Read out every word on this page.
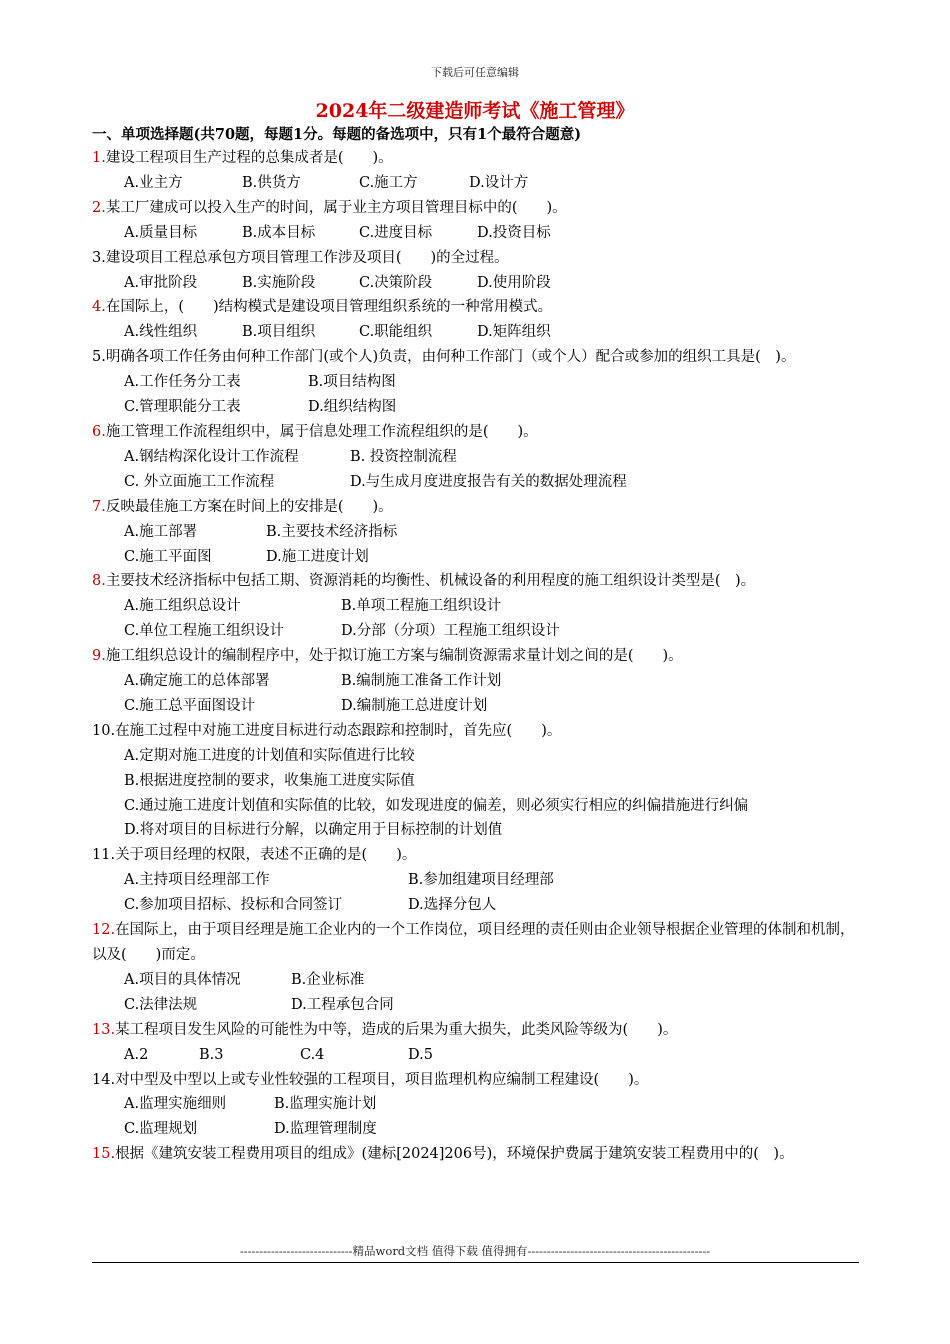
下载后可任意编辑
2024年二级建造师考试《施工管理》
一、单项选择题(共70题，每题1分。每题的备选项中，只有1个最符合题意)
1.建设工程项目生产过程的总集成者是(　　)。
A.业主方	B.供货方	C.施工方	D.设计方
2.某工厂建成可以投入生产的时间，属于业主方项目管理目标中的(　　)。
A.质量目标	B.成本目标	C.进度目标	D.投资目标
3.建设项目工程总承包方项目管理工作涉及项目(　　)的全过程。
A.审批阶段	B.实施阶段	C.决策阶段	D.使用阶段
4.在国际上，(　　)结构模式是建设项目管理组织系统的一种常用模式。
A.线性组织	B.项目组织	C.职能组织	D.矩阵组织
5.明确各项工作任务由何种工作部门(或个人)负责，由何种工作部门（或个人）配合或参加的组织工具是(　)。
A.工作任务分工表	B.项目结构图
C.管理职能分工表	D.组织结构图
6.施工管理工作流程组织中，属于信息处理工作流程组织的是(　　)。
A.钢结构深化设计工作流程	B. 投资控制流程
C. 外立面施工工作流程	D.与生成月度进度报告有关的数据处理流程
7.反映最佳施工方案在时间上的安排是(　　)。
A.施工部署	B.主要技术经济指标
C.施工平面图	D.施工进度计划
8.主要技术经济指标中包括工期、资源消耗的均衡性、机械设备的利用程度的施工组织设计类型是(　)。
A.施工组织总设计	B.单项工程施工组织设计
C.单位工程施工组织设计	D.分部（分项）工程施工组织设计
9.施工组织总设计的编制程序中，处于拟订施工方案与编制资源需求量计划之间的是(　　)。
A.确定施工的总体部署	B.编制施工准备工作计划
C.施工总平面图设计	D.编制施工总进度计划
10.在施工过程中对施工进度目标进行动态跟踪和控制时，首先应(　　)。
A.定期对施工进度的计划值和实际值进行比较
B.根据进度控制的要求，收集施工进度实际值
C.通过施工进度计划值和实际值的比较，如发现进度的偏差，则必须实行相应的纠偏措施进行纠偏
D.将对项目的目标进行分解，以确定用于目标控制的计划值
11.关于项目经理的权限，表述不正确的是(　　)。
A.主持项目经理部工作	B.参加组建项目经理部
C.参加项目招标、投标和合同签订	D.选择分包人
12.在国际上，由于项目经理是施工企业内的一个工作岗位，项目经理的责任则由企业领导根据企业管理的体制和机制，以及(　　)而定。
A.项目的具体情况	B.企业标准
C.法律法规	D.工程承包合同
13.某工程项目发生风险的可能性为中等，造成的后果为重大损失，此类风险等级为(　　)。
A.2	B.3	C.4	D.5
14.对中型及中型以上或专业性较强的工程项目，项目监理机构应编制工程建设(　　)。
A.监理实施细则	B.监理实施计划
C.监理规划	D.监理管理制度
15.根据《建筑安装工程费用项目的组成》(建标[2024]206号)，环境保护费属于建筑安装工程费用中的(　)。
-----------------------------精品word文档 值得下载 值得拥有-----------------------------------------------
